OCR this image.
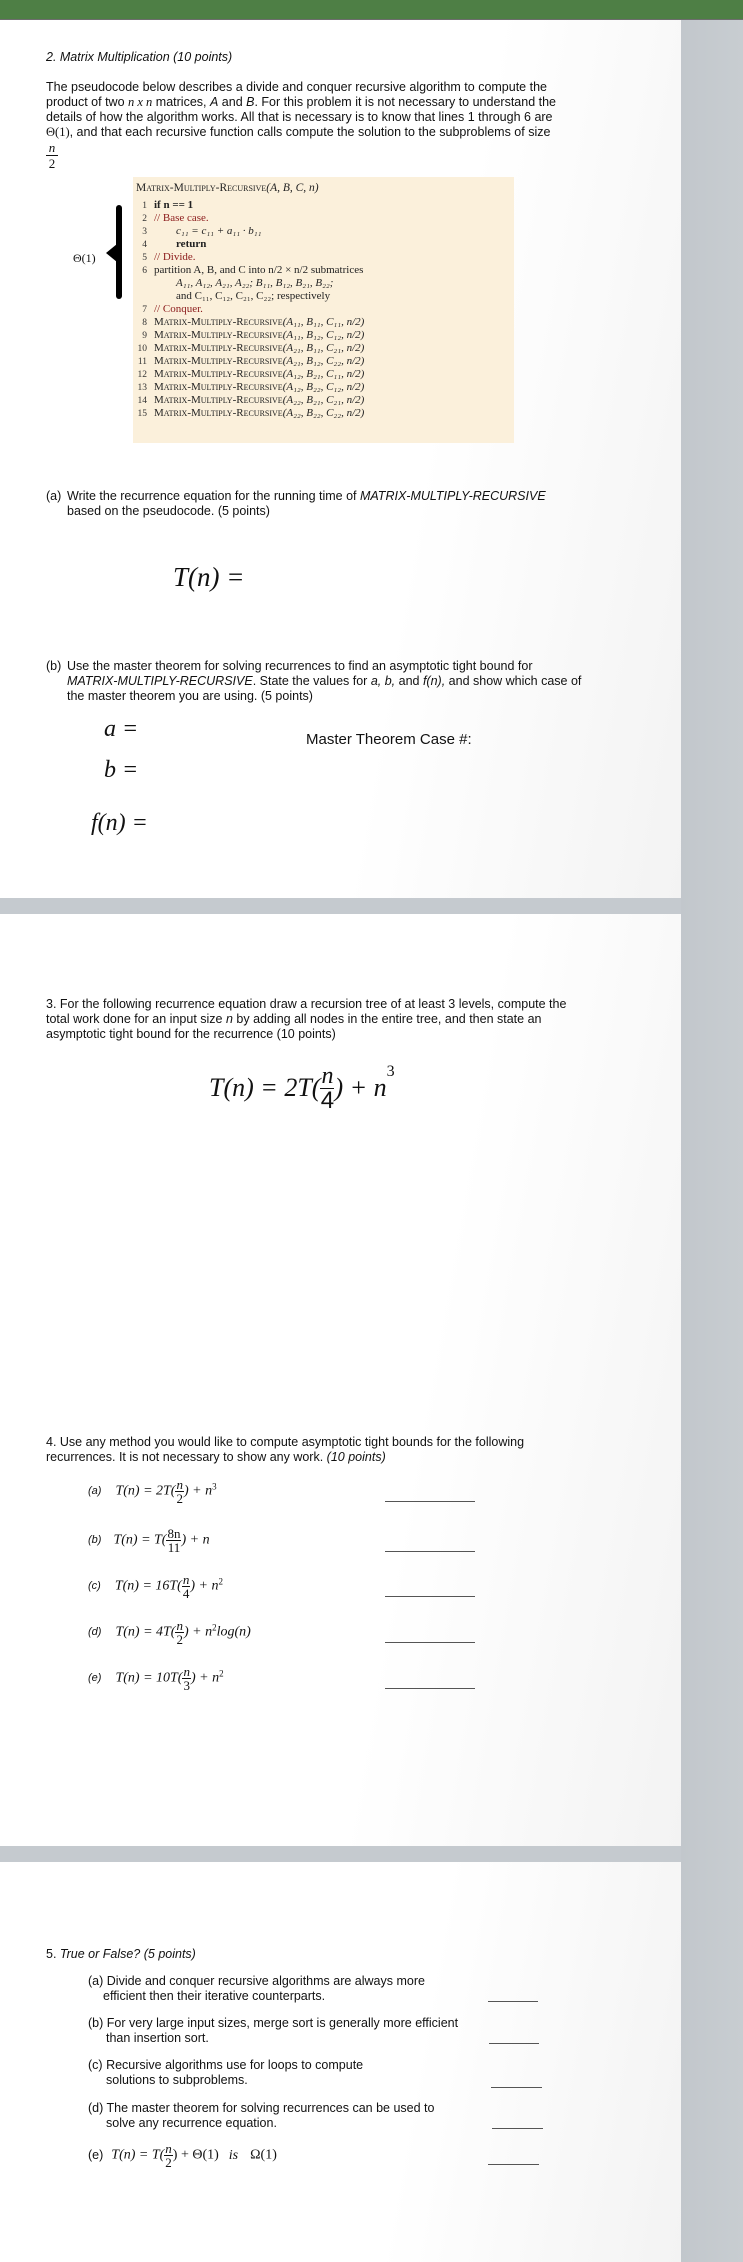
2. Matrix Multiplication (10 points)
The pseudocode below describes a divide and conquer recursive algorithm to compute the
product of two n x n matrices, A and B. For this problem it is not necessary to understand the
details of how the algorithm works. All that is necessary is to know that lines 1 through 6 are
Θ(1), and that each recursive function calls compute the solution to the subproblems of size
n
2
Θ(1)
Matrix-Multiply-Recursive(A, B, C, n)
1 if n == 1
2 // Base case.
3	c₁₁ = c₁₁ + a₁₁ · b₁₁
4	return
5 // Divide.
6 partition A, B, and C into n/2 × n/2 submatrices
A₁₁, A₁₂, A₂₁, A₂₂; B₁₁, B₁₂, B₂₁, B₂₂;
and C₁₁, C₁₂, C₂₁, C₂₂; respectively
7 // Conquer.
8 Matrix-Multiply-Recursive(A₁₁, B₁₁, C₁₁, n/2)
9 Matrix-Multiply-Recursive(A₁₁, B₁₂, C₁₂, n/2)
10 Matrix-Multiply-Recursive(A₂₁, B₁₁, C₂₁, n/2)
11 Matrix-Multiply-Recursive(A₂₁, B₁₂, C₂₂, n/2)
12 Matrix-Multiply-Recursive(A₁₂, B₂₁, C₁₁, n/2)
13 Matrix-Multiply-Recursive(A₁₂, B₂₂, C₁₂, n/2)
14 Matrix-Multiply-Recursive(A₂₂, B₂₁, C₂₁, n/2)
15 Matrix-Multiply-Recursive(A₂₂, B₂₂, C₂₂, n/2)
(a) Write the recurrence equation for the running time of MATRIX-MULTIPLY-RECURSIVE
based on the pseudocode. (5 points)
T(n) =
(b) Use the master theorem for solving recurrences to find an asymptotic tight bound for
MATRIX-MULTIPLY-RECURSIVE. State the values for a, b, and f(n), and show which case of
the master theorem you are using. (5 points)
a =
b =
f(n) =
Master Theorem Case #:
3. For the following recurrence equation draw a recursion tree of at least 3 levels, compute the
total work done for an input size n by adding all nodes in the entire tree, and then state an
asymptotic tight bound for the recurrence (10 points)
$T(n) = 2T( \frac{n}{4}$ ) + $n^3$
4. Use any method you would like to compute asymptotic tight bounds for the following
recurrences. It is not necessary to show any work. (10 points)
(a) $T(n) = 2T( \frac{n}{2}$ ) + $n^3$
(b) $T(n) = T( \frac{8n}{11}$ ) + n
(c) $T(n) = 16T( \frac{n}{4}$ ) + $n^2$
(d) $T(n) = 4T( \frac{n}{2}$ ) + $n^2\log(n)$
(e) $T(n) = 10T( \frac{n}{3}$ ) + $n^2$
5. True or False? (5 points)
(a) Divide and conquer recursive algorithms are always more
efficient then their iterative counterparts.
(b) For very large input sizes, merge sort is generally more efficient
than insertion sort.
(c) Recursive algorithms use for loops to compute
solutions to subproblems.
(d) The master theorem for solving recurrences can be used to
solve any recurrence equation.
(e) $T(n) = T( \frac{n}{2}$ ) + Θ(1) is Ω(1)
